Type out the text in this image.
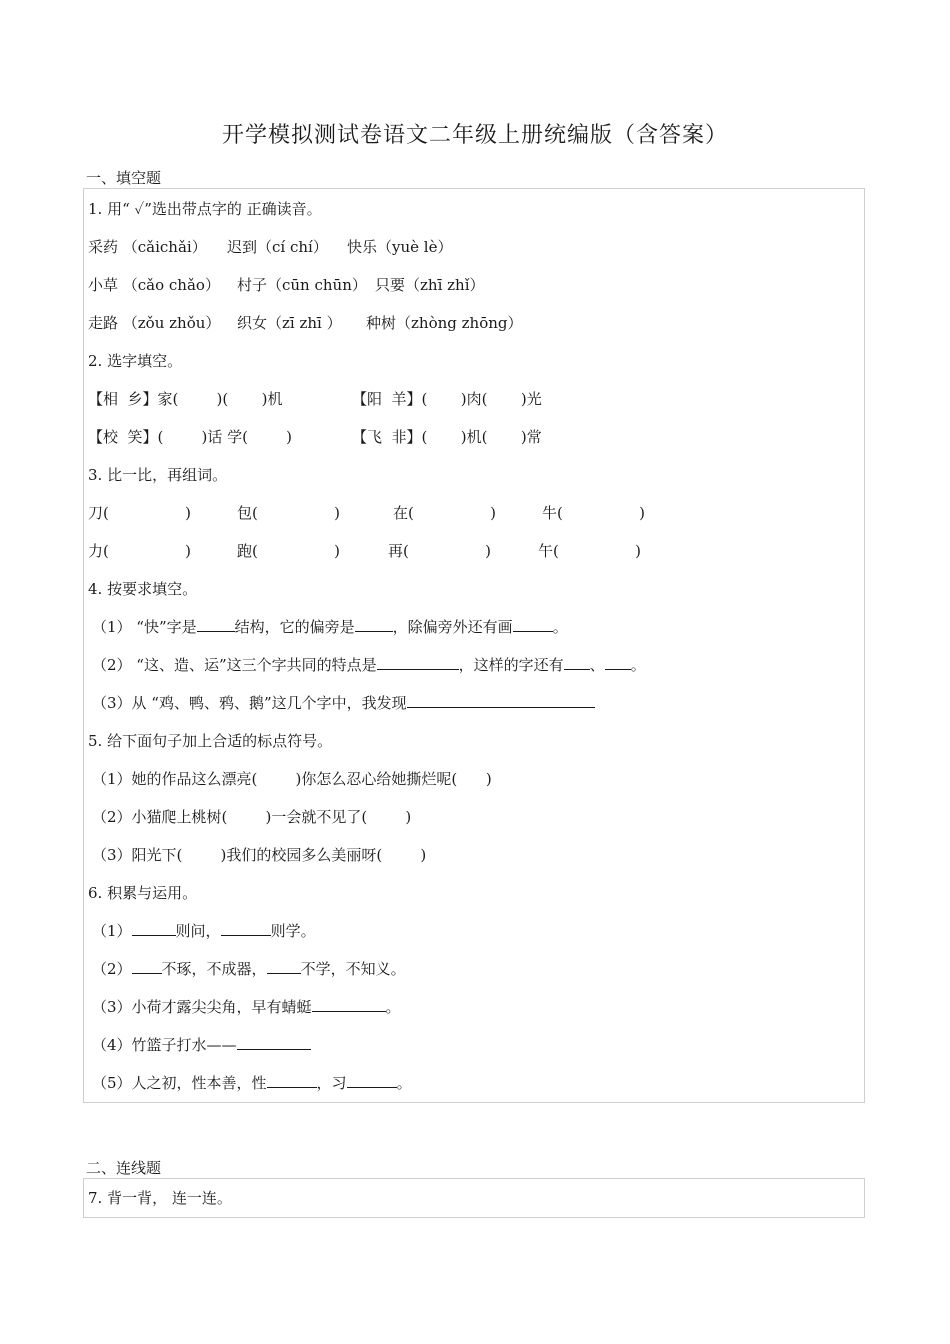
开学模拟测试卷语文二年级上册统编版（含答案）
一、填空题
1. 用“ ✓”选出带点字的 正确读音。
采药 （cǎichǎi） 迟到（cí chí） 快乐（yuè lè）
小草 （cǎo chǎo） 村子（cūn chūn） 只要（zhī zhǐ）
走路 （zǒu zhǒu） 织女（zī zhī ） 种树（zhòng zhōng）
2. 选字填空。
【相  乡】家(        )(       )机	【阳  羊】(       )肉(       )光
【校  笑】(        )话 学(        )	【飞  非】(       )机(       )常
3. 比一比，再组词。
刀(                )	包(                )	在(                )	牛(                )
力(                )	跑(                )	再(                )	午(                )
4. 按要求填空。
（1） “快”字是	结构，它的偏旁是	，除偏旁外还有画	。
（2） “这、造、运”这三个字共同的特点是	，这样的字还有 、 。
（3）从 “鸡、鸭、鸦、鹅”这几个字中，我发现
5. 给下面句子加上合适的标点符号。
（1）她的作品这么漂亮(        )你怎么忍心给她撕烂呢(      )
（2）小猫爬上桃树(        )一会就不见了(        )
（3）阳光下(        )我们的校园多么美丽呀(        )
6. 积累与运用。
（1）	则问，	则学。
（2） 不琢，不成器， 不学，不知义。
（3）小荷才露尖尖角，早有蜻蜓	。
（4）竹篮子打水——
（5）人之初，性本善，性	，习	。
二、连线题
7. 背一背， 连一连。
